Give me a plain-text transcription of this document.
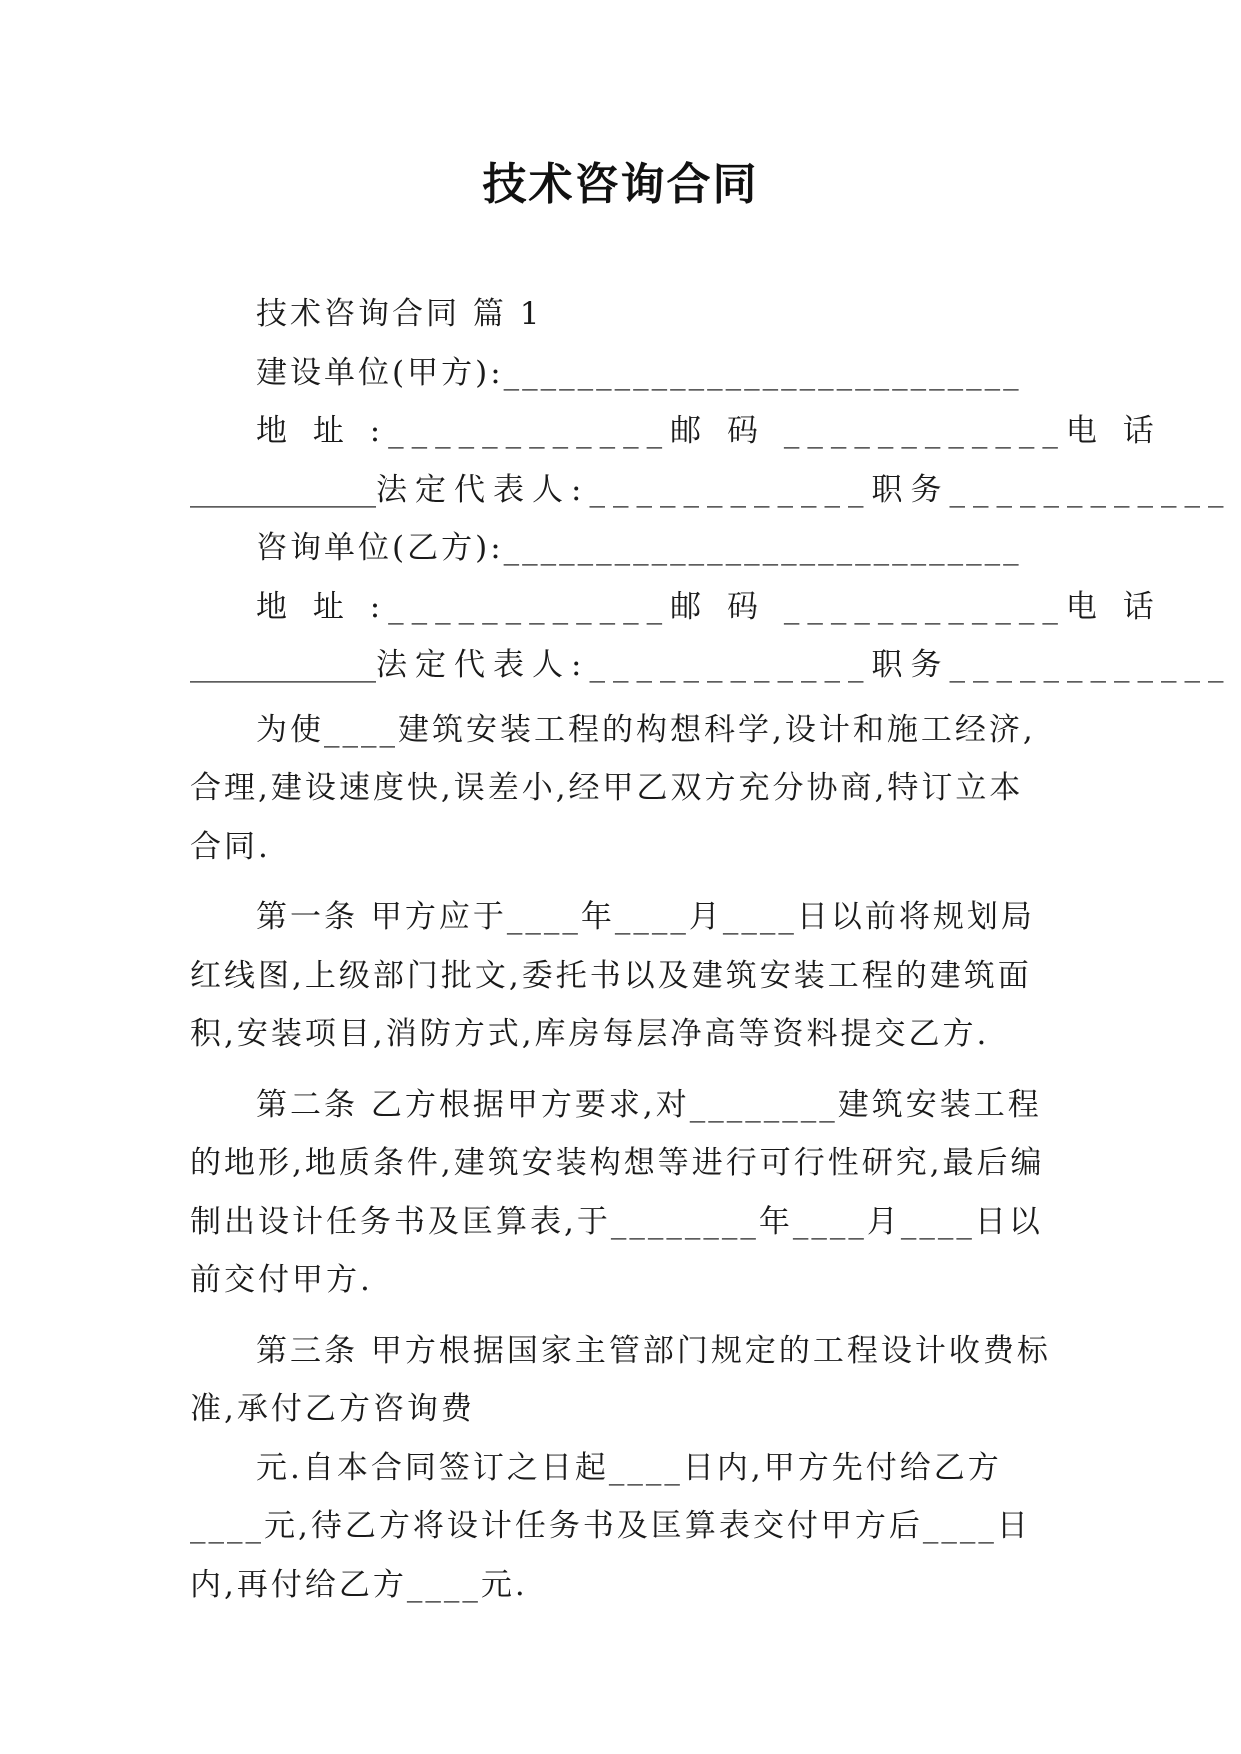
技术咨询合同

技术咨询合同 篇 1

建设单位(甲方):____________________________

地 址 :____________ 邮 码 ____________ 电 话
____________ 法定代表人:____________ 职务____________

咨询单位(乙方):____________________________

地 址 :____________ 邮 码 ____________ 电 话
____________ 法定代表人:____________ 职务____________

为使____建筑安装工程的构想科学,设计和施工经济,合理,建设速度快,误差小,经甲乙双方充分协商,特订立本合同.

第一条 甲方应于____年____月____日以前将规划局红线图,上级部门批文,委托书以及建筑安装工程的建筑面积,安装项目,消防方式,库房每层净高等资料提交乙方.

第二条 乙方根据甲方要求,对________建筑安装工程的地形,地质条件,建筑安装构想等进行可行性研究,最后编制出设计任务书及匡算表,于________年____月____日以前交付甲方.

第三条 甲方根据国家主管部门规定的工程设计收费标准,承付乙方咨询费

元.自本合同签订之日起____日内,甲方先付给乙方____元,待乙方将设计任务书及匡算表交付甲方后____日内,再付给乙方____元.
